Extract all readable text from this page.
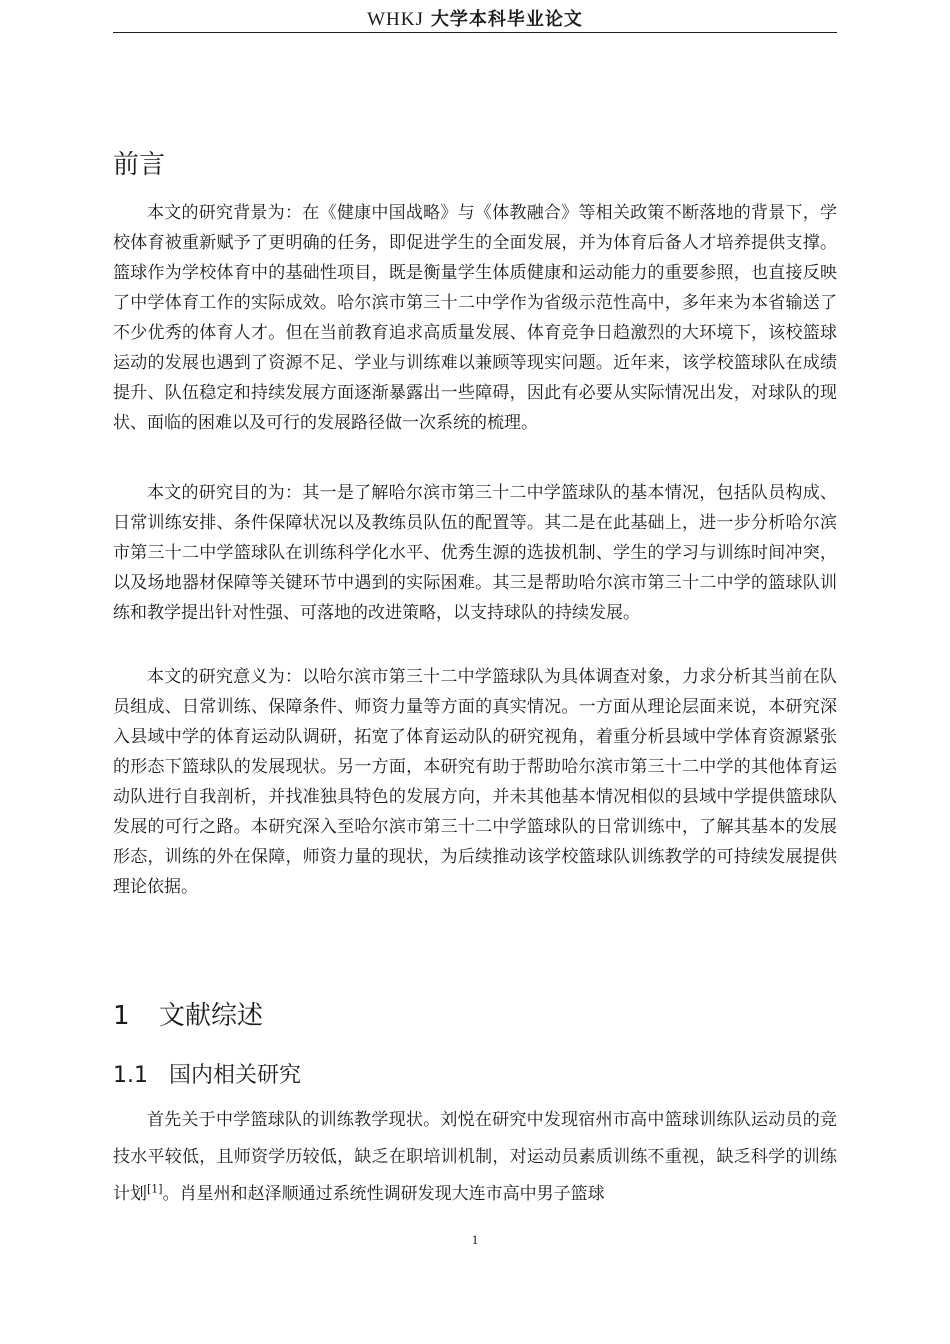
WHKJ 大学本科毕业论文
前言

本文的研究背景为：在《健康中国战略》与《体教融合》等相关政策不断落地的背景下，学校体育被重新赋予了更明确的任务，即促进学生的全面发展，并为体育后备人才培养提供支撑。篮球作为学校体育中的基础性项目，既是衡量学生体质健康和运动能力的重要参照，也直接反映了中学体育工作的实际成效。哈尔滨市第三十二中学作为省级示范性高中，多年来为本省输送了不少优秀的体育人才。但在当前教育追求高质量发展、体育竞争日趋激烈的大环境下，该校篮球运动的发展也遇到了资源不足、学业与训练难以兼顾等现实问题。近年来，该学校篮球队在成绩提升、队伍稳定和持续发展方面逐渐暴露出一些障碍，因此有必要从实际情况出发，对球队的现状、面临的困难以及可行的发展路径做一次系统的梳理。

本文的研究目的为：其一是了解哈尔滨市第三十二中学篮球队的基本情况，包括队员构成、日常训练安排、条件保障状况以及教练员队伍的配置等。其二是在此基础上，进一步分析哈尔滨市第三十二中学篮球队在训练科学化水平、优秀生源的选拔机制、学生的学习与训练时间冲突，以及场地器材保障等关键环节中遇到的实际困难。其三是帮助哈尔滨市第三十二中学的篮球队训练和教学提出针对性强、可落地的改进策略，以支持球队的持续发展。

本文的研究意义为：以哈尔滨市第三十二中学篮球队为具体调查对象，力求分析其当前在队员组成、日常训练、保障条件、师资力量等方面的真实情况。一方面从理论层面来说，本研究深入县域中学的体育运动队调研，拓宽了体育运动队的研究视角，着重分析县域中学体育资源紧张的形态下篮球队的发展现状。另一方面，本研究有助于帮助哈尔滨市第三十二中学的其他体育运动队进行自我剖析，并找准独具特色的发展方向，并未其他基本情况相似的县域中学提供篮球队发展的可行之路。本研究深入至哈尔滨市第三十二中学篮球队的日常训练中，了解其基本的发展形态，训练的外在保障，师资力量的现状，为后续推动该学校篮球队训练教学的可持续发展提供理论依据。

1 文献综述
1.1 国内相关研究

首先关于中学篮球队的训练教学现状。刘悦在研究中发现宿州市高中篮球训练队运动员的竞技水平较低，且师资学历较低，缺乏在职培训机制，对运动员素质训练不重视，缺乏科学的训练计划[1]。肖星州和赵泽顺通过系统性调研发现大连市高中男子篮球

1
